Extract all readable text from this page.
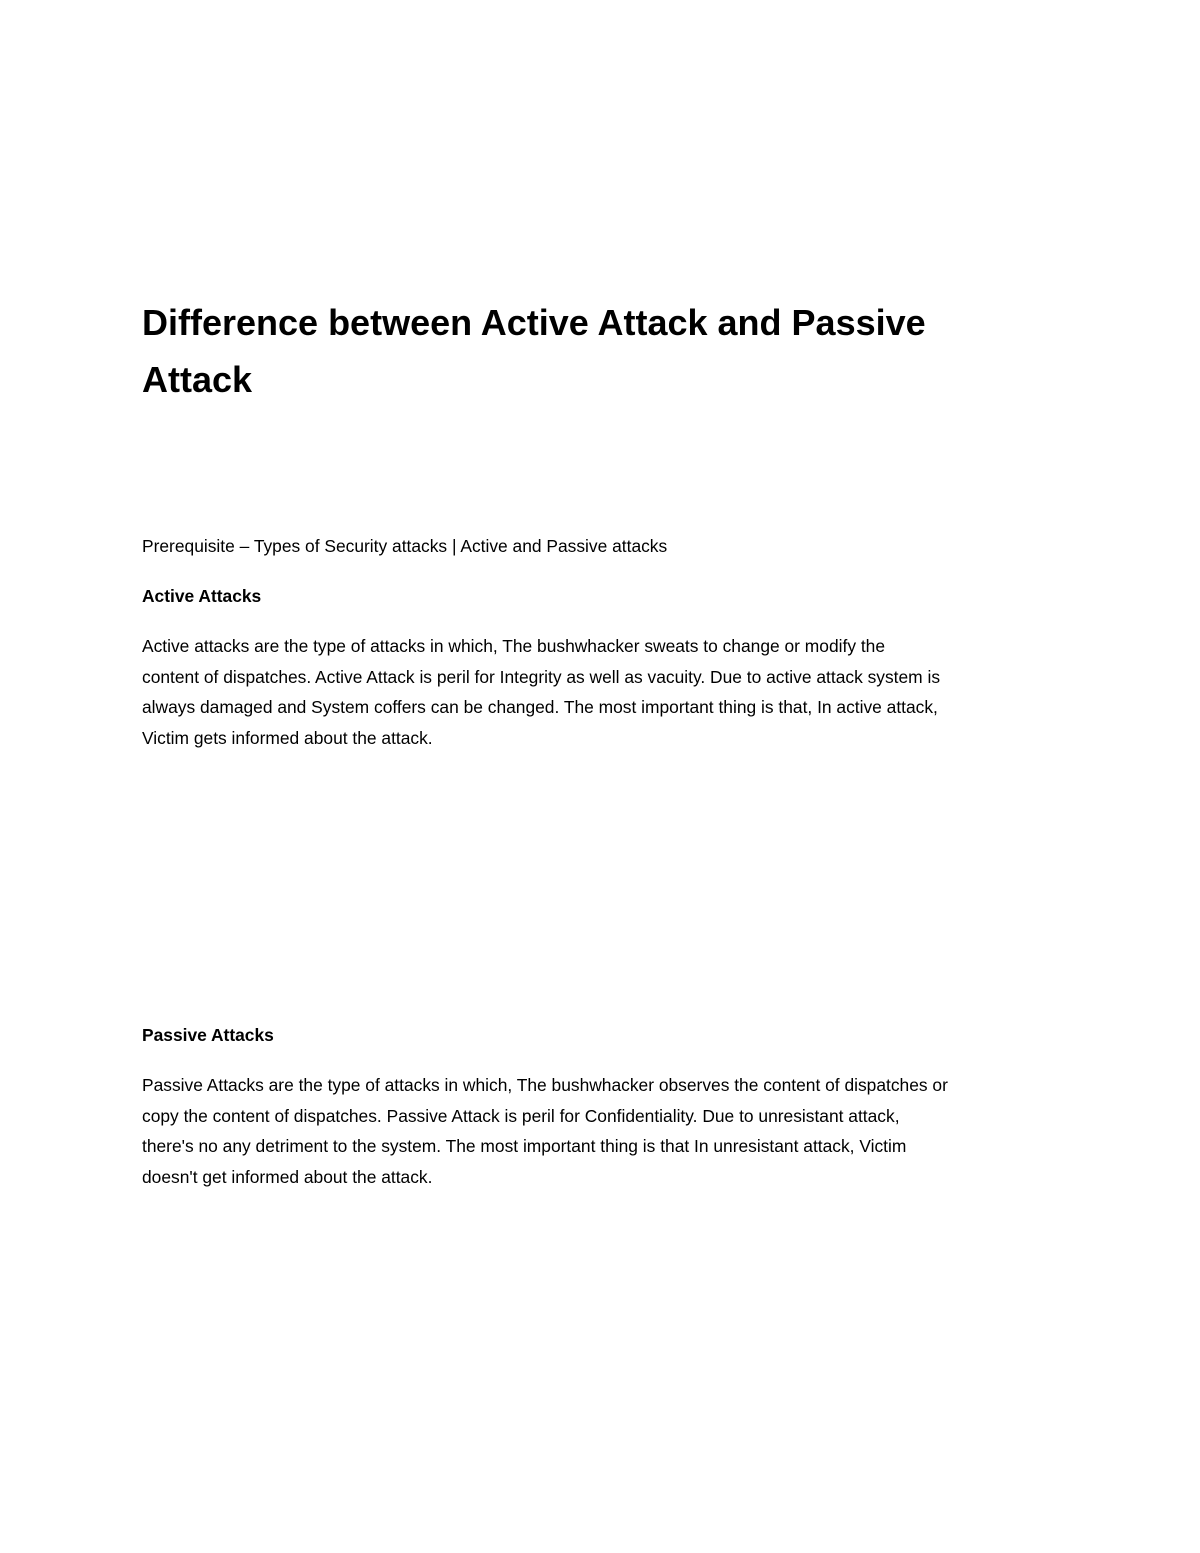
Difference between Active Attack and Passive Attack

Prerequisite – Types of Security attacks | Active and Passive attacks

Active Attacks

Active attacks are the type of attacks in which, The bushwhacker sweats to change or modify the
content of dispatches. Active Attack is peril for Integrity as well as vacuity. Due to active attack system is
always damaged and System coffers can be changed. The most important thing is that, In active attack,
Victim gets informed about the attack.

Passive Attacks

Passive Attacks are the type of attacks in which, The bushwhacker observes the content of dispatches or
copy the content of dispatches. Passive Attack is peril for Confidentiality. Due to unresistant attack,
there's no any detriment to the system. The most important thing is that In unresistant attack, Victim
doesn't get informed about the attack.
